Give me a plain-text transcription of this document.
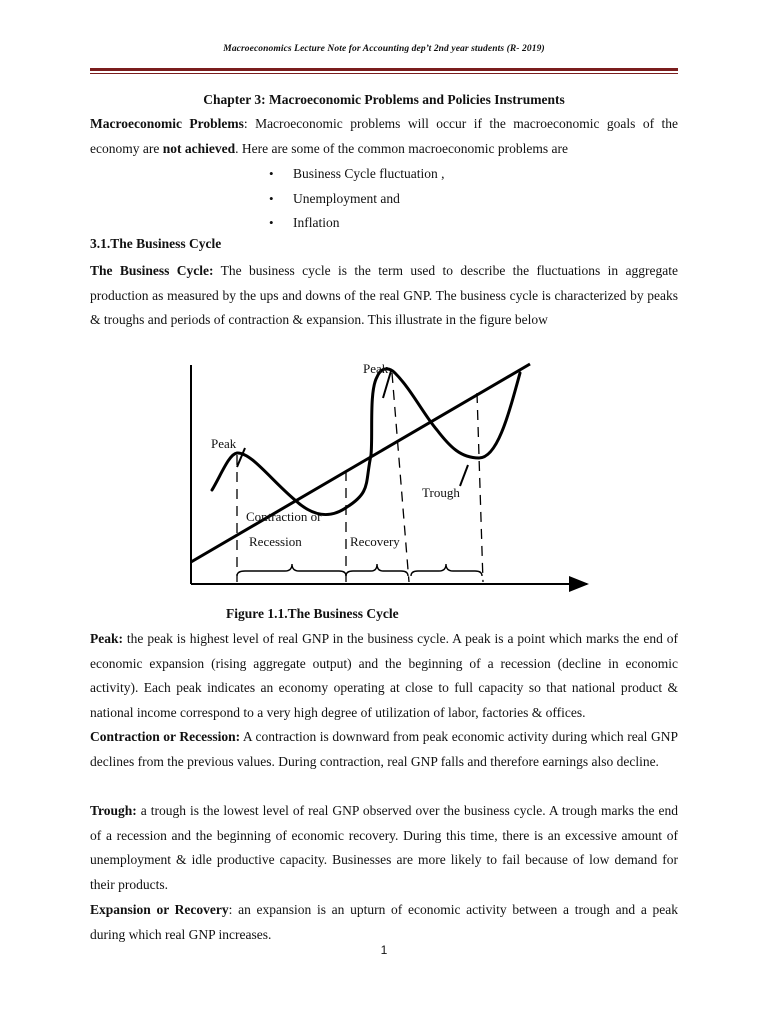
Macroeconomics Lecture Note for Accounting dep’t 2nd year students (R- 2019)
Chapter 3: Macroeconomic Problems and Policies Instruments
Macroeconomic Problems: Macroeconomic problems will occur if the macroeconomic goals of the economy are not achieved. Here are some of the common macroeconomic problems are
• Business Cycle fluctuation ,
• Unemployment and
• Inflation
3.1.The Business Cycle
The Business Cycle: The business cycle is the term used to describe the fluctuations in aggregate production as measured by the ups and downs of the real GNP. The business cycle is characterized by peaks & troughs and periods of contraction & expansion. This illustrate in the figure below
Peak
Peak
Trough
Contraction or
Recession	Recovery
Figure 1.1.The Business Cycle
Peak: the peak is highest level of real GNP in the business cycle. A peak is a point which marks the end of economic expansion (rising aggregate output) and the beginning of a recession (decline in economic activity). Each peak indicates an economy operating at close to full capacity so that national product & national income correspond to a very high degree of utilization of labor, factories & offices.
Contraction or Recession: A contraction is downward from peak economic activity during which real GNP declines from the previous values. During contraction, real GNP falls and therefore earnings also decline.
Trough: a trough is the lowest level of real GNP observed over the business cycle. A trough marks the end of a recession and the beginning of economic recovery. During this time, there is an excessive amount of unemployment & idle productive capacity. Businesses are more likely to fail because of low demand for their products.
Expansion or Recovery: an expansion is an upturn of economic activity between a trough and a peak during which real GNP increases.
1
